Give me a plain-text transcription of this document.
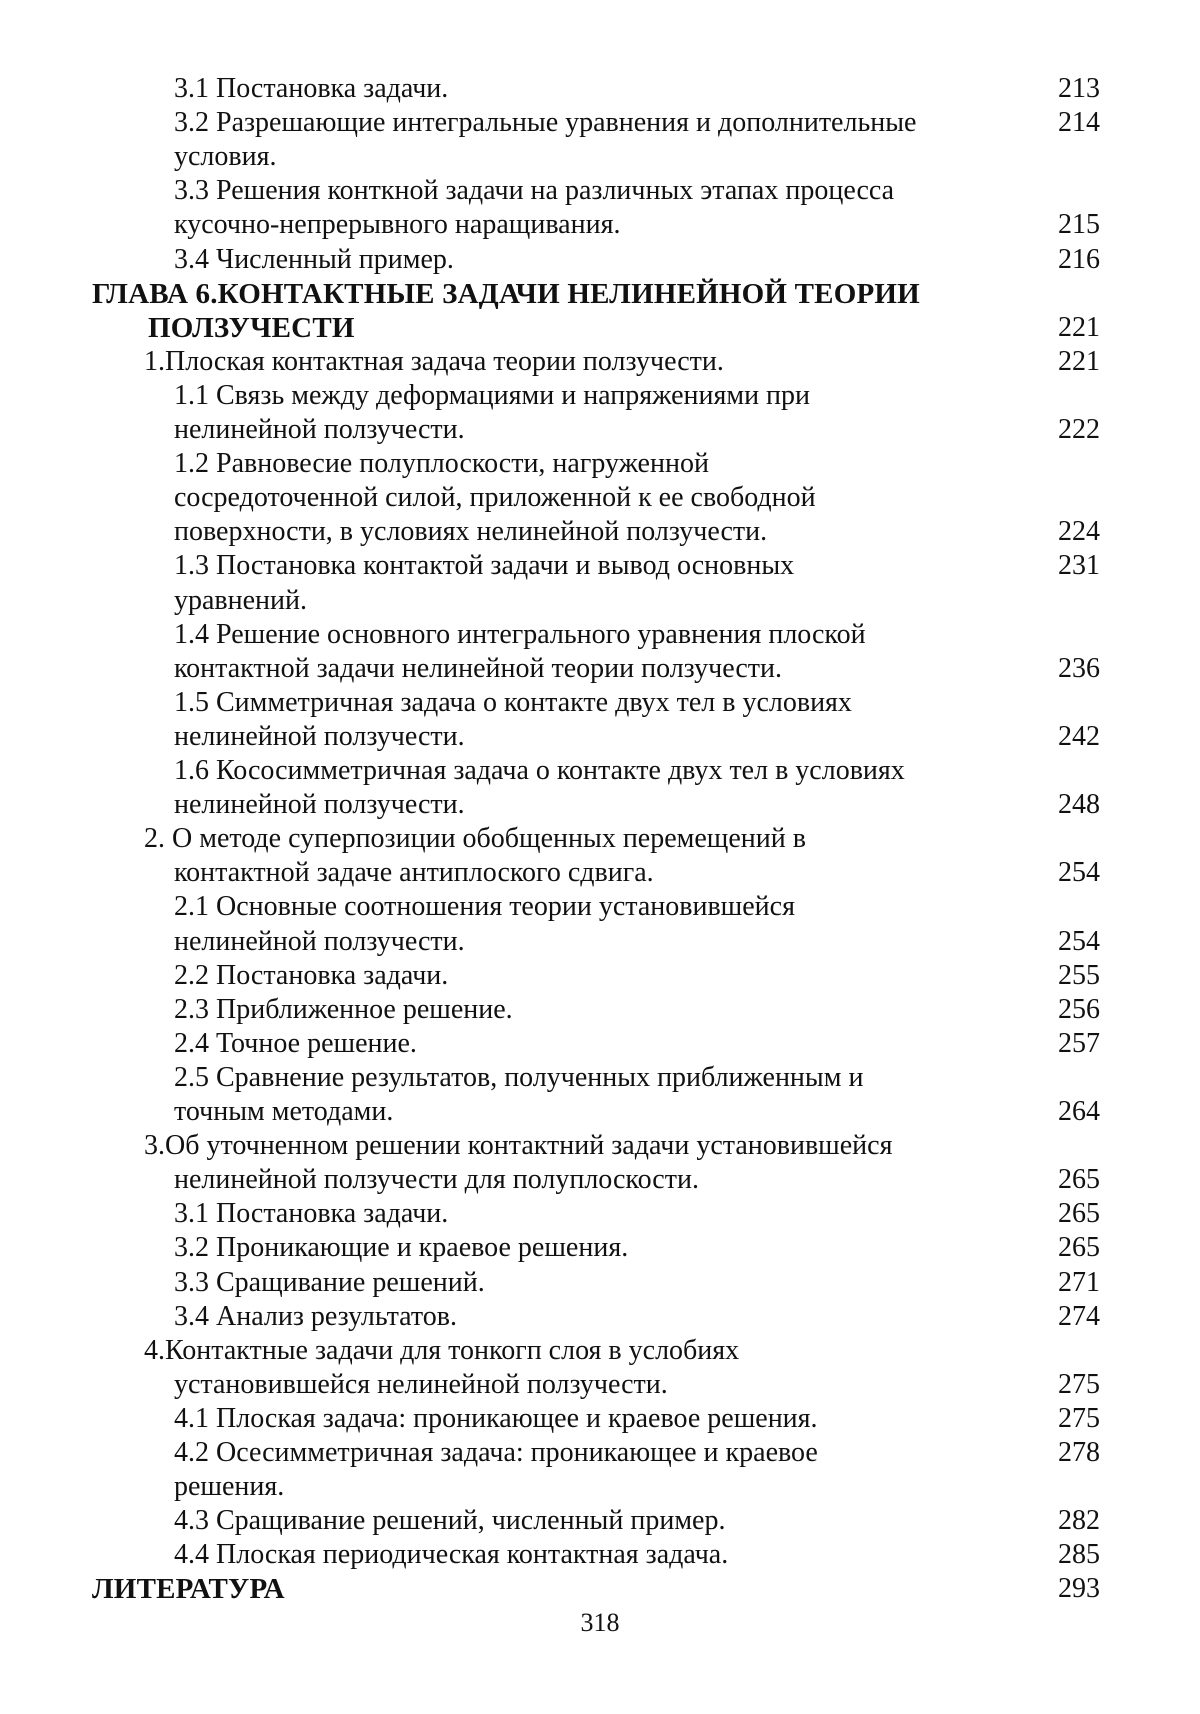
3.1 Постановка задачи.	213
3.2 Разрешающие интегральные уравнения и дополнительные	214
условия.
3.3 Решения конткной задачи на различных этапах процесса
кусочно-непрерывного наращивания.	215
3.4 Численный пример.	216
ГЛАВА 6.КОНТАКТНЫЕ ЗАДАЧИ НЕЛИНЕЙНОЙ ТЕОРИИ
ПОЛЗУЧЕСТИ	221
1.Плоская контактная задача теории ползучести.	221
1.1 Связь между деформациями и напряжениями при
нелинейной ползучести.	222
1.2 Равновесие полуплоскости, нагруженной
сосредоточенной силой, приложенной к ее свободной
поверхности, в условиях нелинейной ползучести.	224
1.3 Постановка контактой задачи и вывод основных	231
уравнений.
1.4 Решение основного интегрального уравнения плоской
контактной задачи нелинейной теории ползучести.	236
1.5 Симметричная задача о контакте двух тел в условиях
нелинейной ползучести.	242
1.6 Кососимметричная задача о контакте двух тел в условиях
нелинейной ползучести.	248
2. О методе суперпозиции обобщенных перемещений в
контактной задаче антиплоского сдвига.	254
2.1 Основные соотношения теории установившейся
нелинейной ползучести.	254
2.2 Постановка задачи.	255
2.3 Приближенное решение.	256
2.4 Точное решение.	257
2.5 Сравнение результатов, полученных приближенным и
точным методами.	264
3.Об уточненном решении контактний задачи установившейся
нелинейной ползучести для полуплоскости.	265
3.1 Постановка задачи.	265
3.2 Проникающие и краевое решения.	265
3.3 Сращивание решений.	271
3.4 Анализ результатов.	274
4.Контактные задачи для тонкогп слоя в услобиях
установившейся нелинейной ползучести.	275
4.1 Плоская задача: проникающее и краевое решения.	275
4.2 Осесимметричная задача: проникающее и краевое	278
решения.
4.3 Сращивание решений, численный пример.	282
4.4 Плоская периодическая контактная задача.	285
ЛИТЕРАТУРА	293
318
